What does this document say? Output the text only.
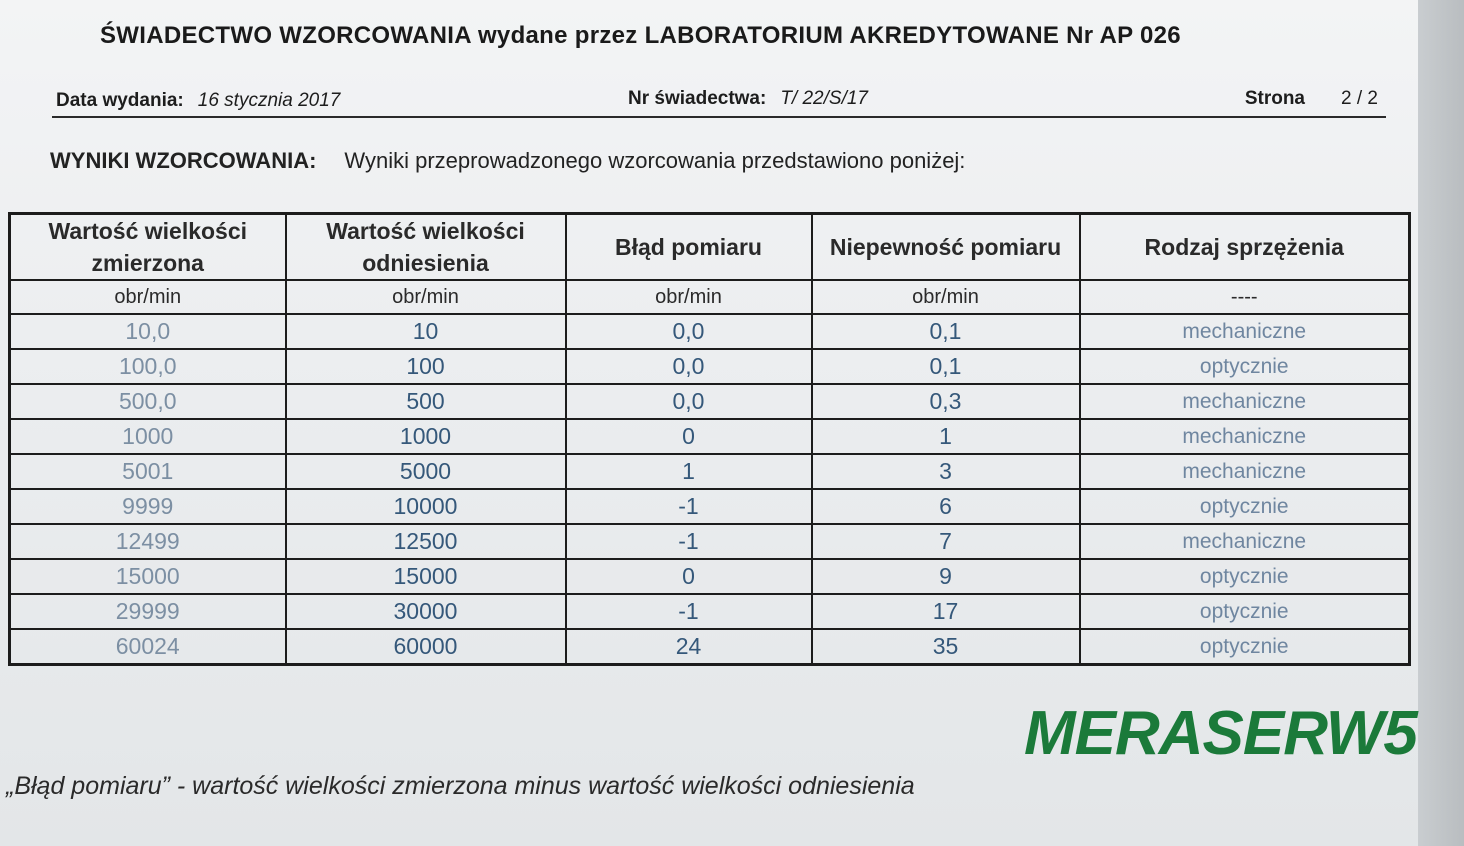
ŚWIADECTWO WZORCOWANIA wydane przez LABORATORIUM AKREDYTOWANE Nr AP 026
Data wydania: 16 stycznia 2017	Nr świadectwa: T/ 22/S/17	Strona 2 / 2
WYNIKI WZORCOWANIA: Wyniki przeprowadzonego wzorcowania przedstawiono poniżej:
Wartość wielkości zmierzona	Wartość wielkości odniesienia	Błąd pomiaru	Niepewność pomiaru	Rodzaj sprzężenia
obr/min	obr/min	obr/min	obr/min	----
10,0	10	0,0	0,1	mechaniczne
100,0	100	0,0	0,1	optycznie
500,0	500	0,0	0,3	mechaniczne
1000	1000	0	1	mechaniczne
5001	5000	1	3	mechaniczne
9999	10000	-1	6	optycznie
12499	12500	-1	7	mechaniczne
15000	15000	0	9	optycznie
29999	30000	-1	17	optycznie
60024	60000	24	35	optycznie
MERASERW5
„Błąd pomiaru” - wartość wielkości zmierzona minus wartość wielkości odniesienia
